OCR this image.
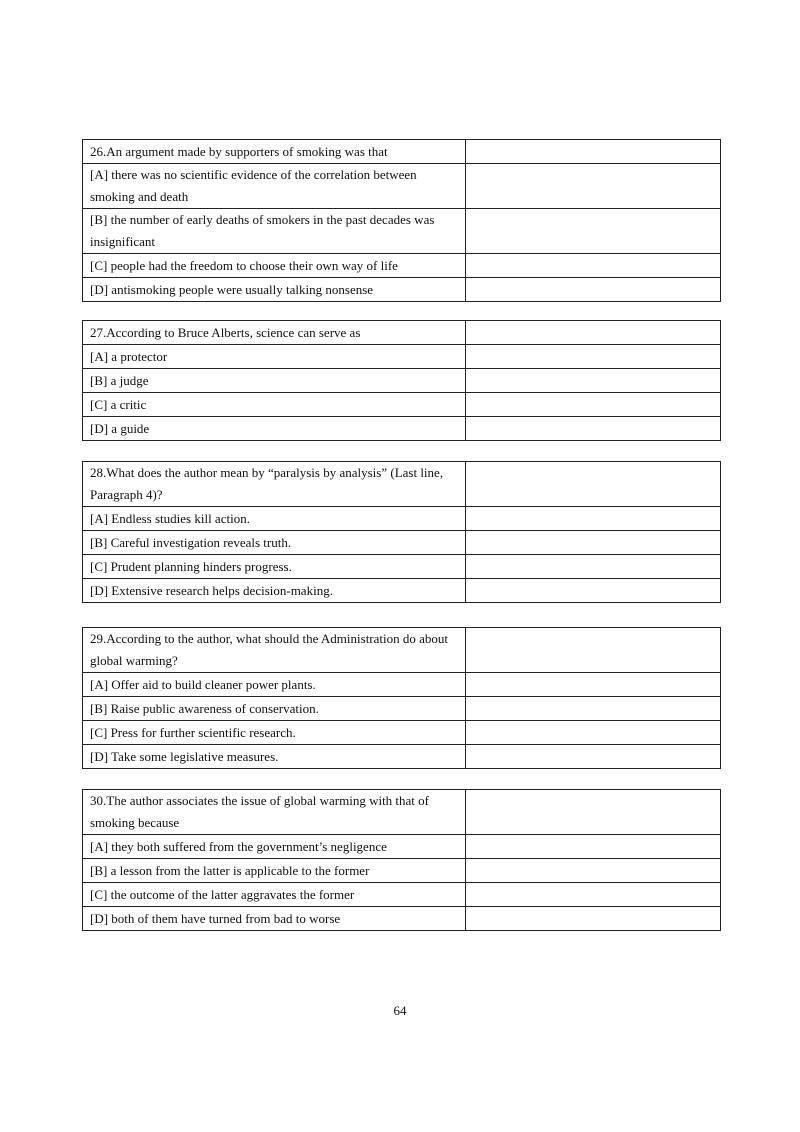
26.An argument made by supporters of smoking was that	
[A] there was no scientific evidence of the correlation between smoking and death	
[B] the number of early deaths of smokers in the past decades was insignificant	
[C] people had the freedom to choose their own way of life	
[D] antismoking people were usually talking nonsense	
27.According to Bruce Alberts, science can serve as	
[A] a protector	
[B] a judge	
[C] a critic	
[D] a guide	
28.What does the author mean by “paralysis by analysis” (Last line, Paragraph 4)?	
[A] Endless studies kill action.	
[B] Careful investigation reveals truth.	
[C] Prudent planning hinders progress.	
[D] Extensive research helps decision-making.	
29.According to the author, what should the Administration do about global warming?	
[A] Offer aid to build cleaner power plants.	
[B] Raise public awareness of conservation.	
[C] Press for further scientific research.	
[D] Take some legislative measures.	
30.The author associates the issue of global warming with that of smoking because	
[A] they both suffered from the government’s negligence	
[B] a lesson from the latter is applicable to the former	
[C] the outcome of the latter aggravates the former	
[D] both of them have turned from bad to worse	
64
